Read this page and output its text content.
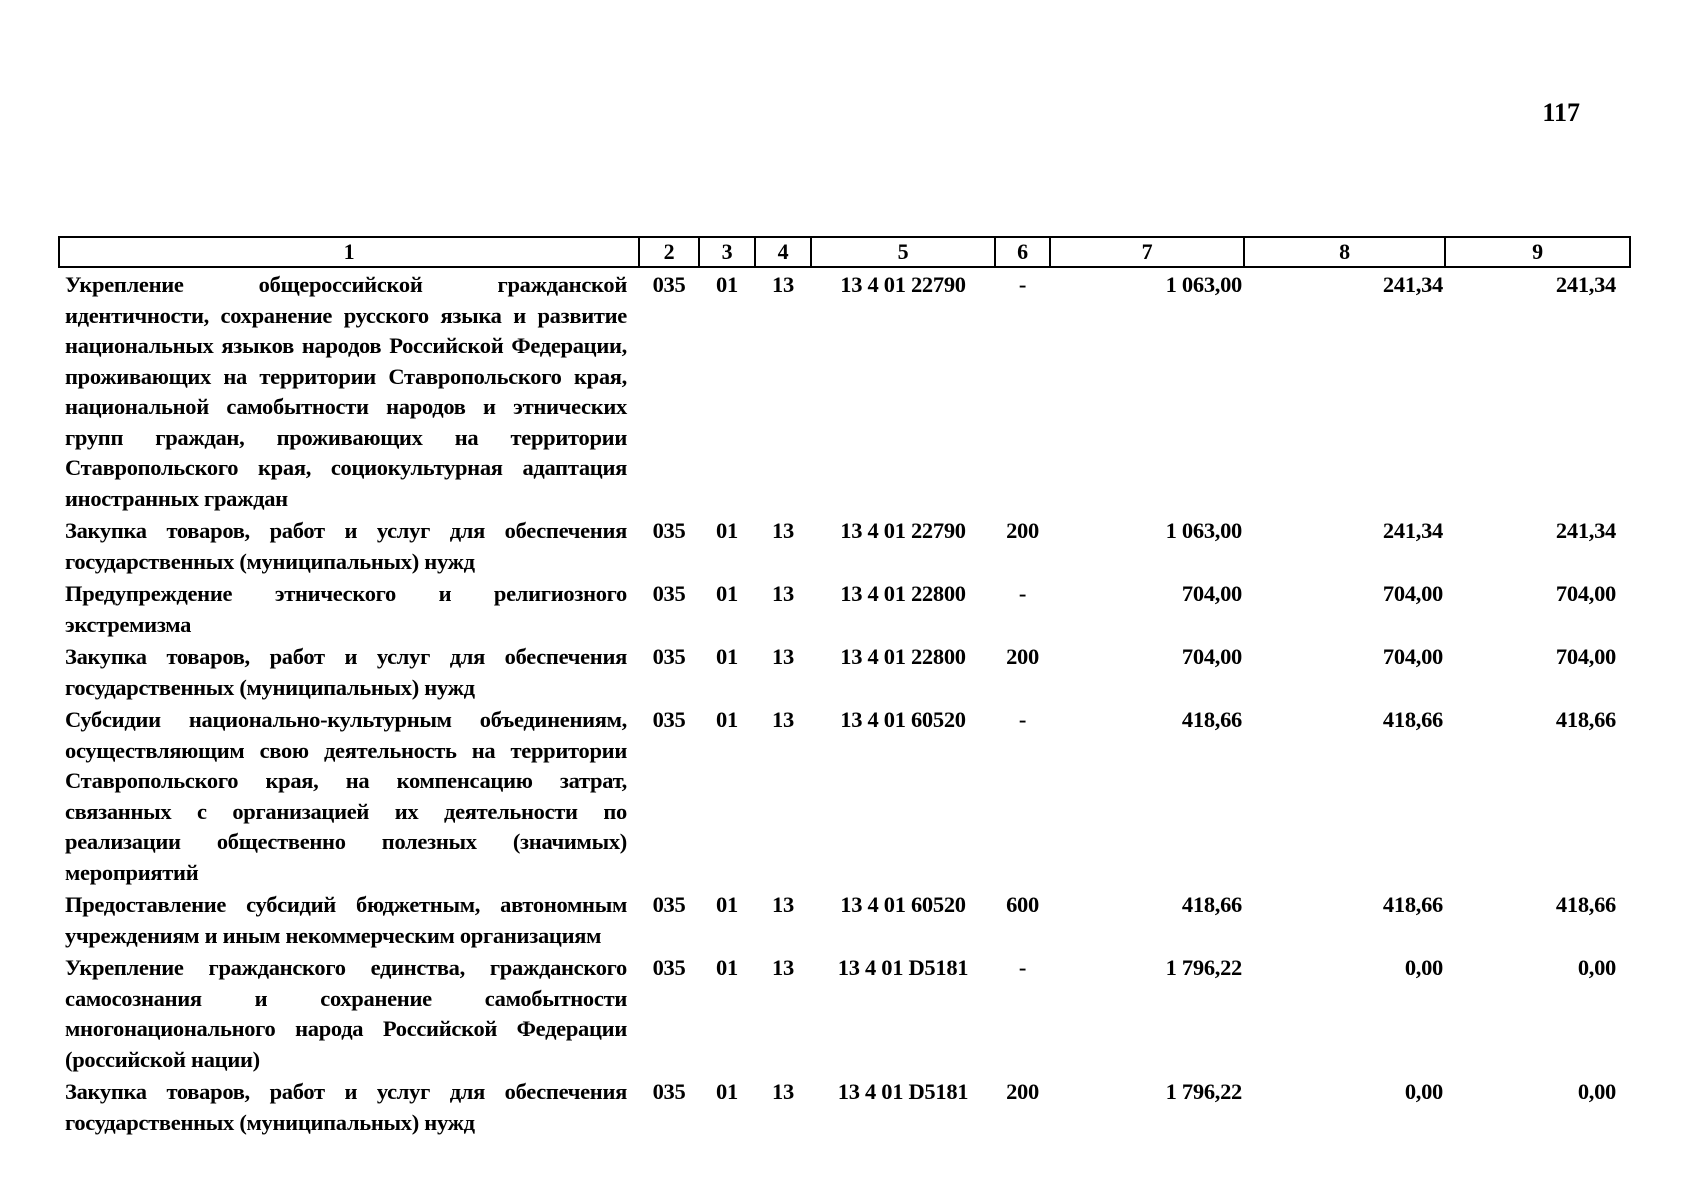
117
1	2	3	4	5	6	7	8	9
Укрепление общероссийской гражданской идентичности, сохранение русского языка и развитие национальных языков народов Российской Федерации, проживающих на территории Ставропольского края, национальной самобытности народов и этнических групп граждан, проживающих на территории Ставропольского края, социокультурная адаптация иностранных граждан	035	01	13	13 4 01 22790	-	1 063,00	241,34	241,34
Закупка товаров, работ и услуг для обеспечения государственных (муниципальных) нужд	035	01	13	13 4 01 22790	200	1 063,00	241,34	241,34
Предупреждение этнического и религиозного экстремизма	035	01	13	13 4 01 22800	-	704,00	704,00	704,00
Закупка товаров, работ и услуг для обеспечения государственных (муниципальных) нужд	035	01	13	13 4 01 22800	200	704,00	704,00	704,00
Субсидии национально-культурным объединениям, осуществляющим свою деятельность на территории Ставропольского края, на компенсацию затрат, связанных с организацией их деятельности по реализации общественно полезных (значимых) мероприятий	035	01	13	13 4 01 60520	-	418,66	418,66	418,66
Предоставление субсидий бюджетным, автономным учреждениям и иным некоммерческим организациям	035	01	13	13 4 01 60520	600	418,66	418,66	418,66
Укрепление гражданского единства, гражданского самосознания и сохранение самобытности многонационального народа Российской Федерации (российской нации)	035	01	13	13 4 01 D5181	-	1 796,22	0,00	0,00
Закупка товаров, работ и услуг для обеспечения государственных (муниципальных) нужд	035	01	13	13 4 01 D5181	200	1 796,22	0,00	0,00
